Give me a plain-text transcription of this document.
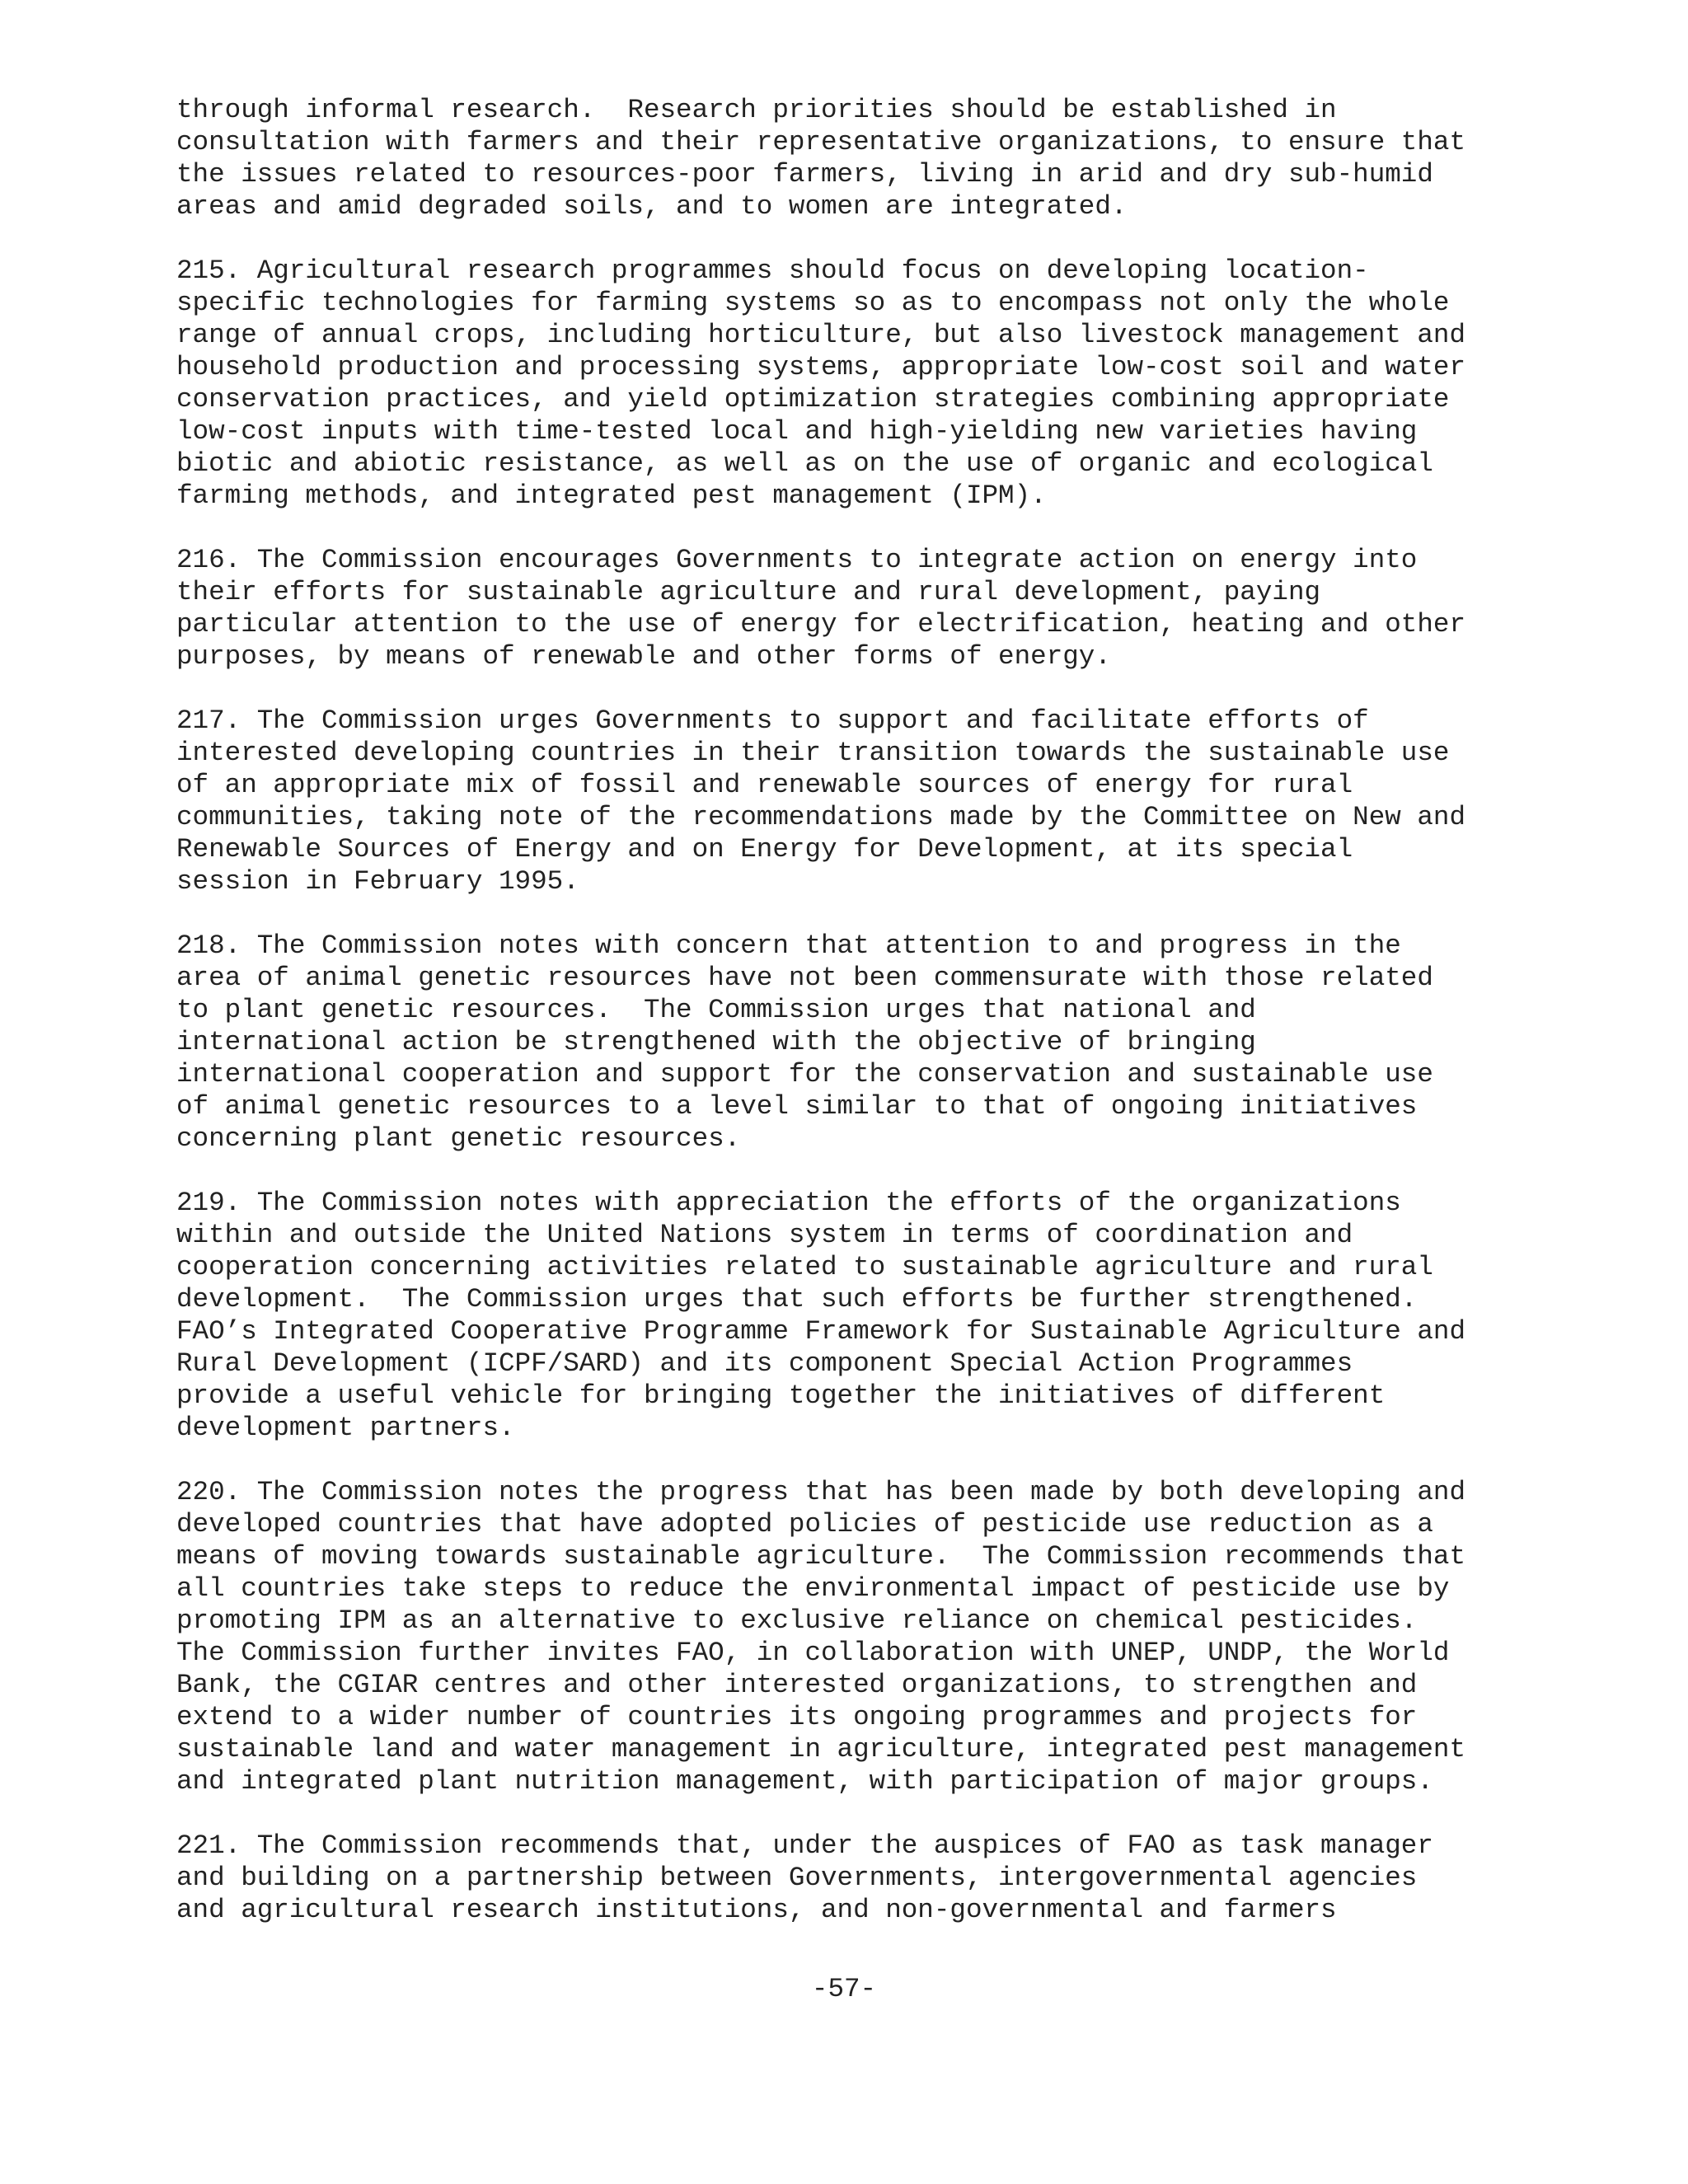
through informal research.  Research priorities should be established in
consultation with farmers and their representative organizations, to ensure that
the issues related to resources-poor farmers, living in arid and dry sub-humid
areas and amid degraded soils, and to women are integrated.
215. Agricultural research programmes should focus on developing location-
specific technologies for farming systems so as to encompass not only the whole
range of annual crops, including horticulture, but also livestock management and
household production and processing systems, appropriate low-cost soil and water
conservation practices, and yield optimization strategies combining appropriate
low-cost inputs with time-tested local and high-yielding new varieties having
biotic and abiotic resistance, as well as on the use of organic and ecological
farming methods, and integrated pest management (IPM).
216. The Commission encourages Governments to integrate action on energy into
their efforts for sustainable agriculture and rural development, paying
particular attention to the use of energy for electrification, heating and other
purposes, by means of renewable and other forms of energy.
217. The Commission urges Governments to support and facilitate efforts of
interested developing countries in their transition towards the sustainable use
of an appropriate mix of fossil and renewable sources of energy for rural
communities, taking note of the recommendations made by the Committee on New and
Renewable Sources of Energy and on Energy for Development, at its special
session in February 1995.
218. The Commission notes with concern that attention to and progress in the
area of animal genetic resources have not been commensurate with those related
to plant genetic resources.  The Commission urges that national and
international action be strengthened with the objective of bringing
international cooperation and support for the conservation and sustainable use
of animal genetic resources to a level similar to that of ongoing initiatives
concerning plant genetic resources.
219. The Commission notes with appreciation the efforts of the organizations
within and outside the United Nations system in terms of coordination and
cooperation concerning activities related to sustainable agriculture and rural
development.  The Commission urges that such efforts be further strengthened.
FAO’s Integrated Cooperative Programme Framework for Sustainable Agriculture and
Rural Development (ICPF/SARD) and its component Special Action Programmes
provide a useful vehicle for bringing together the initiatives of different
development partners.
220. The Commission notes the progress that has been made by both developing and
developed countries that have adopted policies of pesticide use reduction as a
means of moving towards sustainable agriculture.  The Commission recommends that
all countries take steps to reduce the environmental impact of pesticide use by
promoting IPM as an alternative to exclusive reliance on chemical pesticides.
The Commission further invites FAO, in collaboration with UNEP, UNDP, the World
Bank, the CGIAR centres and other interested organizations, to strengthen and
extend to a wider number of countries its ongoing programmes and projects for
sustainable land and water management in agriculture, integrated pest management
and integrated plant nutrition management, with participation of major groups.
221. The Commission recommends that, under the auspices of FAO as task manager
and building on a partnership between Governments, intergovernmental agencies
and agricultural research institutions, and non-governmental and farmers
-57-
